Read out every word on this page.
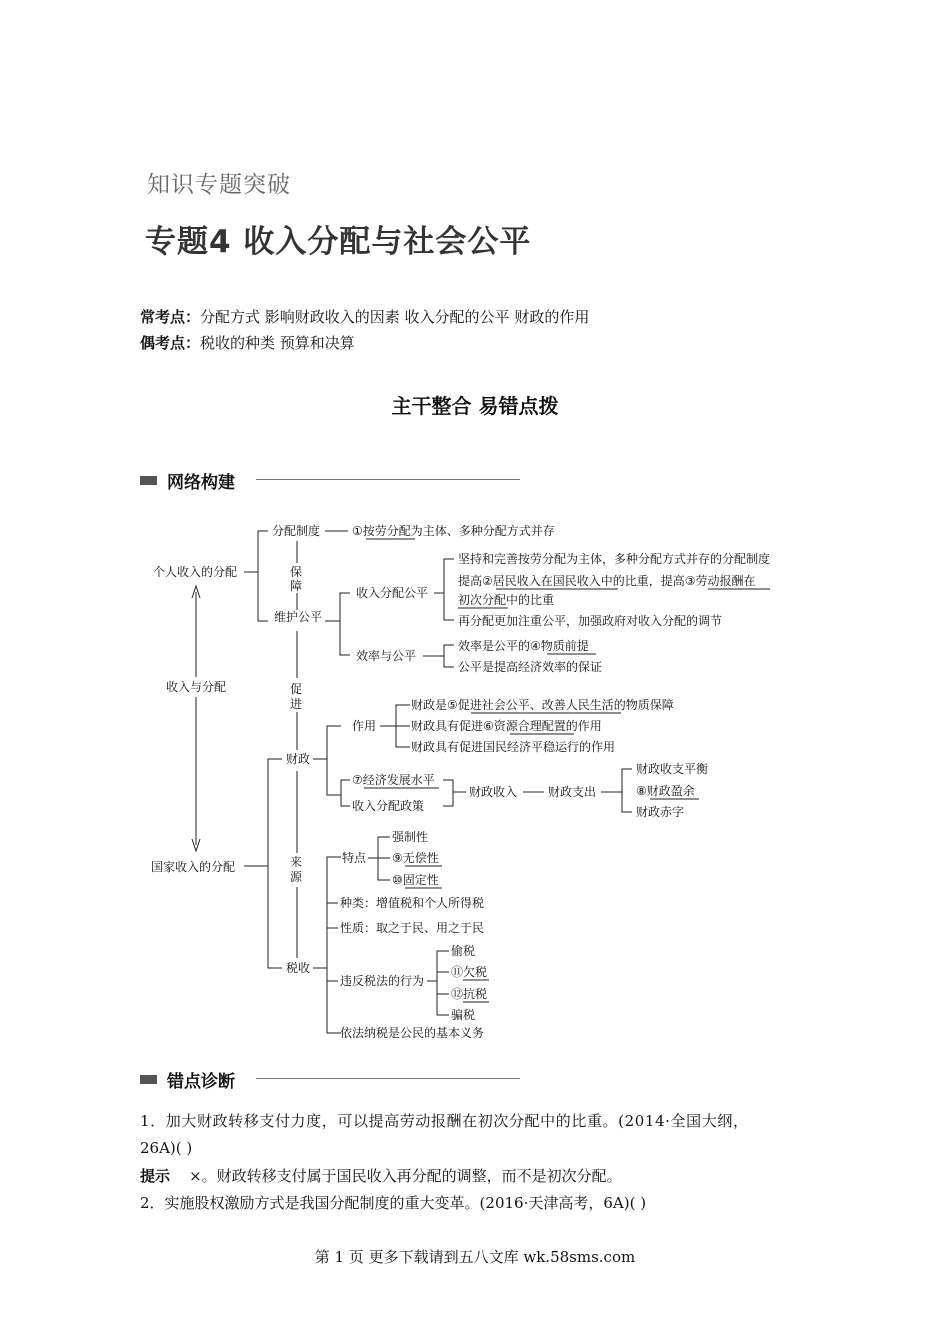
知识专题突破
专题4 收入分配与社会公平
常考点：分配方式 影响财政收入的因素 收入分配的公平 财政的作用
偶考点：税收的种类 预算和决算
主干整合 易错点拨
网络构建
个人收入的分配
收入与分配
国家收入的分配
分配制度	①按劳分配为主体、多种分配方式并存
维护公平
保
障	收入分配公平
坚持和完善按劳分配为主体，多种分配方式并存的分配制度
提高②居民收入在国民收入中的比重，提高③劳动报酬在
初次分配中的比重
再分配更加注重公平，加强政府对收入分配的调节
效率与公平
效率是公平的④物质前提
公平是提高经济效率的保证
促
进
财政
税收
来
源
作用
财政是⑤促进社会公平、改善人民生活的物质保障
财政具有促进⑥资源合理配置的作用
财政具有促进国民经济平稳运行的作用
⑦经济发展水平
收入分配政策
财政收入	财政支出
财政收支平衡
⑧财政盈余
财政赤字
特点
强制性
⑨无偿性
⑩固定性
种类：增值税和个人所得税
性质：取之于民、用之于民
违反税法的行为
偷税
⑪欠税
⑫抗税
骗税
依法纳税是公民的基本义务
错点诊断
1．加大财政转移支付力度，可以提高劳动报酬在初次分配中的比重。(2014·全国大纲，
26A)( )
提示 ×。财政转移支付属于国民收入再分配的调整，而不是初次分配。
2．实施股权激励方式是我国分配制度的重大变革。(2016·天津高考，6A)( )
第 1 页 更多下载请到五八文库 wk.58sms.com
